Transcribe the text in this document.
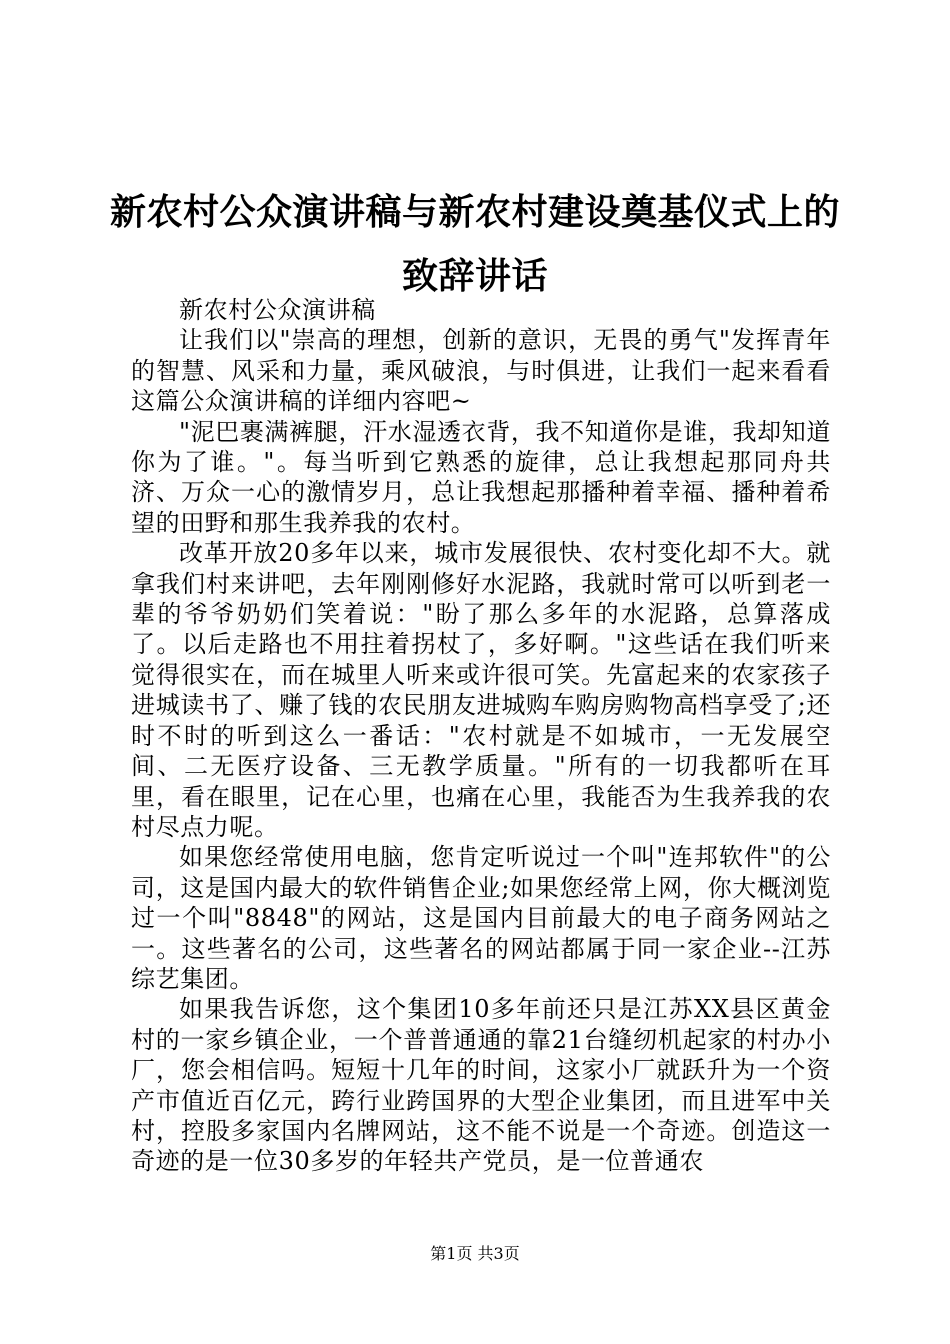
新农村公众演讲稿与新农村建设奠基仪式上的致辞讲话

新农村公众演讲稿

让我们以"崇高的理想，创新的意识，无畏的勇气"发挥青年的智慧、风采和力量，乘风破浪，与时俱进，让我们一起来看看这篇公众演讲稿的详细内容吧~

"泥巴裹满裤腿，汗水湿透衣背，我不知道你是谁，我却知道你为了谁。"。每当听到它熟悉的旋律，总让我想起那同舟共济、万众一心的激情岁月，总让我想起那播种着幸福、播种着希望的田野和那生我养我的农村。

改革开放20多年以来，城市发展很快、农村变化却不大。就拿我们村来讲吧，去年刚刚修好水泥路，我就时常可以听到老一辈的爷爷奶奶们笑着说："盼了那么多年的水泥路，总算落成了。以后走路也不用拄着拐杖了，多好啊。"这些话在我们听来觉得很实在，而在城里人听来或许很可笑。先富起来的农家孩子进城读书了、赚了钱的农民朋友进城购车购房购物高档享受了;还时不时的听到这么一番话："农村就是不如城市，一无发展空间、二无医疗设备、三无教学质量。"所有的一切我都听在耳里，看在眼里，记在心里，也痛在心里，我能否为生我养我的农村尽点力呢。

如果您经常使用电脑，您肯定听说过一个叫"连邦软件"的公司，这是国内最大的软件销售企业;如果您经常上网，你大概浏览过一个叫"8848"的网站，这是国内目前最大的电子商务网站之一。这些著名的公司，这些著名的网站都属于同一家企业--江苏综艺集团。

如果我告诉您，这个集团10多年前还只是江苏XX县区黄金村的一家乡镇企业，一个普普通通的靠21台缝纫机起家的村办小厂，您会相信吗。短短十几年的时间，这家小厂就跃升为一个资产市值近百亿元，跨行业跨国界的大型企业集团，而且进军中关村，控股多家国内名牌网站，这不能不说是一个奇迹。创造这一奇迹的是一位30多岁的年轻共产党员，是一位普通农

第1页 共3页
